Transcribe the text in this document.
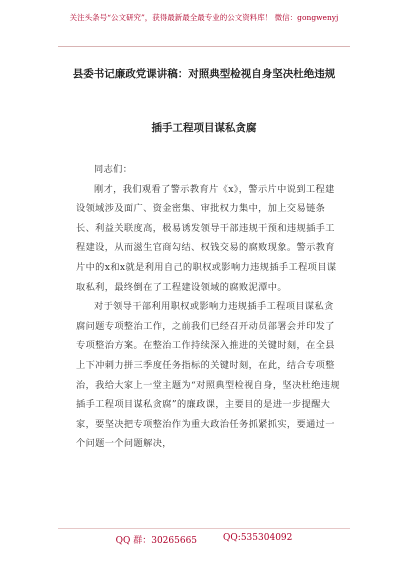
关注头条号“公文研究”，获得最新最全最专业的公文资料库！ 微信：gongwenyj
县委书记廉政党课讲稿：对照典型检视自身坚决杜绝违规
插手工程项目谋私贪腐

同志们：

刚才，我们观看了警示教育片《x》，警示片中说到工程建设领域涉及面广、资金密集、审批权力集中，加上交易链条长、利益关联度高，极易诱发领导干部违规干预和违规插手工程建设，从而滋生官商勾结、权钱交易的腐败现象。警示教育片中的x和x就是利用自己的职权或影响力违规插手工程项目谋取私利，最终倒在了工程建设领域的腐败泥潭中。

对于领导干部利用职权或影响力违规插手工程项目谋私贪腐问题专项整治工作，之前我们已经召开动员部署会并印发了专项整治方案。在整治工作持续深入推进的关键时刻，在全县上下冲刺力拼三季度任务指标的关键时刻，在此，结合专项整治，我给大家上一堂主题为“对照典型检视自身，坚决杜绝违规插手工程项目谋私贪腐”的廉政课，主要目的是进一步提醒大家，要坚决把专项整治作为重大政治任务抓紧抓实，要通过一个问题一个问题解决，

QQ 群：30265665	QQ:535304092
